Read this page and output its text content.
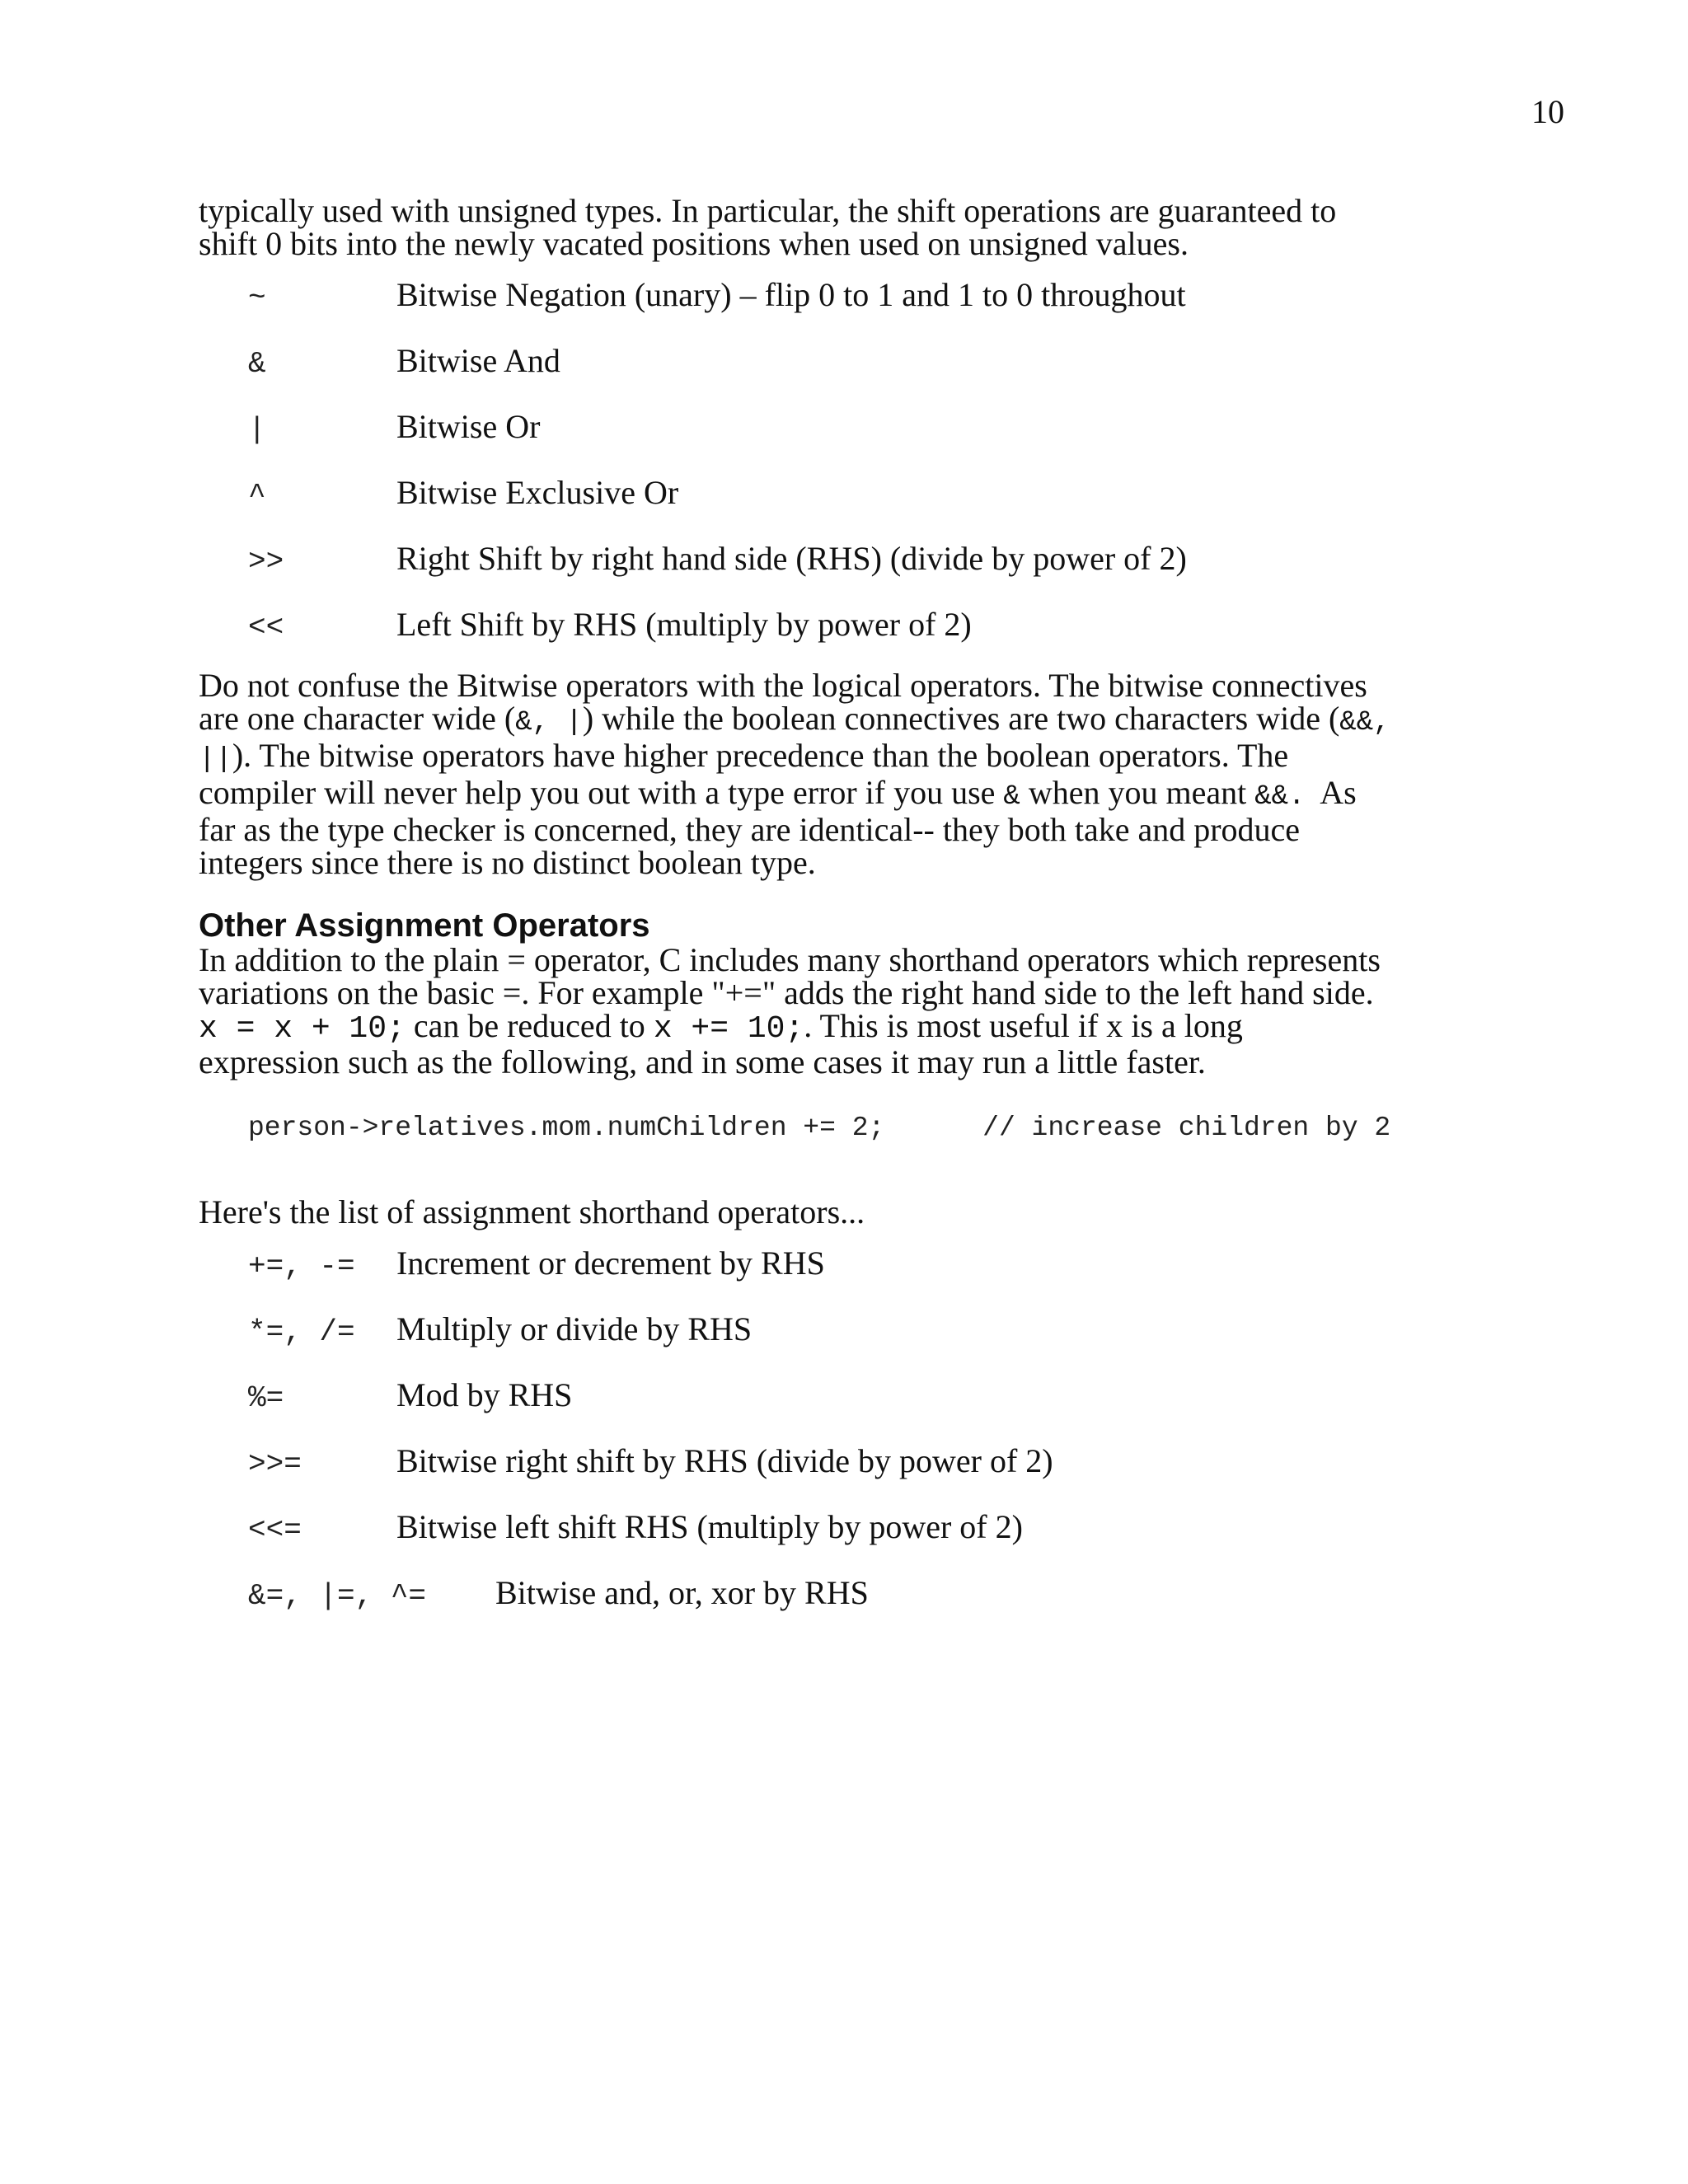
10

typically used with unsigned types. In particular, the shift operations are guaranteed to
shift 0 bits into the newly vacated positions when used on unsigned values.

~	Bitwise Negation (unary) – flip 0 to 1 and 1 to 0 throughout
&	Bitwise And
|	Bitwise Or
^	Bitwise Exclusive Or
>>	Right Shift by right hand side (RHS) (divide by power of 2)
<<	Left Shift by RHS (multiply by power of 2)

Do not confuse the Bitwise operators with the logical operators. The bitwise connectives
are one character wide (&, |) while the boolean connectives are two characters wide (&&,
||). The bitwise operators have higher precedence than the boolean operators. The
compiler will never help you out with a type error if you use & when you meant &&.  As
far as the type checker is concerned, they are identical-- they both take and produce
integers since there is no distinct boolean type.

Other Assignment Operators

In addition to the plain = operator, C includes many shorthand operators which represents
variations on the basic =. For example "+=" adds the right hand side to the left hand side.
x = x + 10; can be reduced to x += 10;. This is most useful if x is a long
expression such as the following, and in some cases it may run a little faster.

person->relatives.mom.numChildren += 2;      // increase children by 2

Here's the list of assignment shorthand operators...

+=, -=	Increment or decrement by RHS
*=, /=	Multiply or divide by RHS
%=	Mod by RHS
>>=	Bitwise right shift by RHS (divide by power of 2)
<<=	Bitwise left shift RHS (multiply by power of 2)
&=, |=, ^=	Bitwise and, or, xor by RHS
